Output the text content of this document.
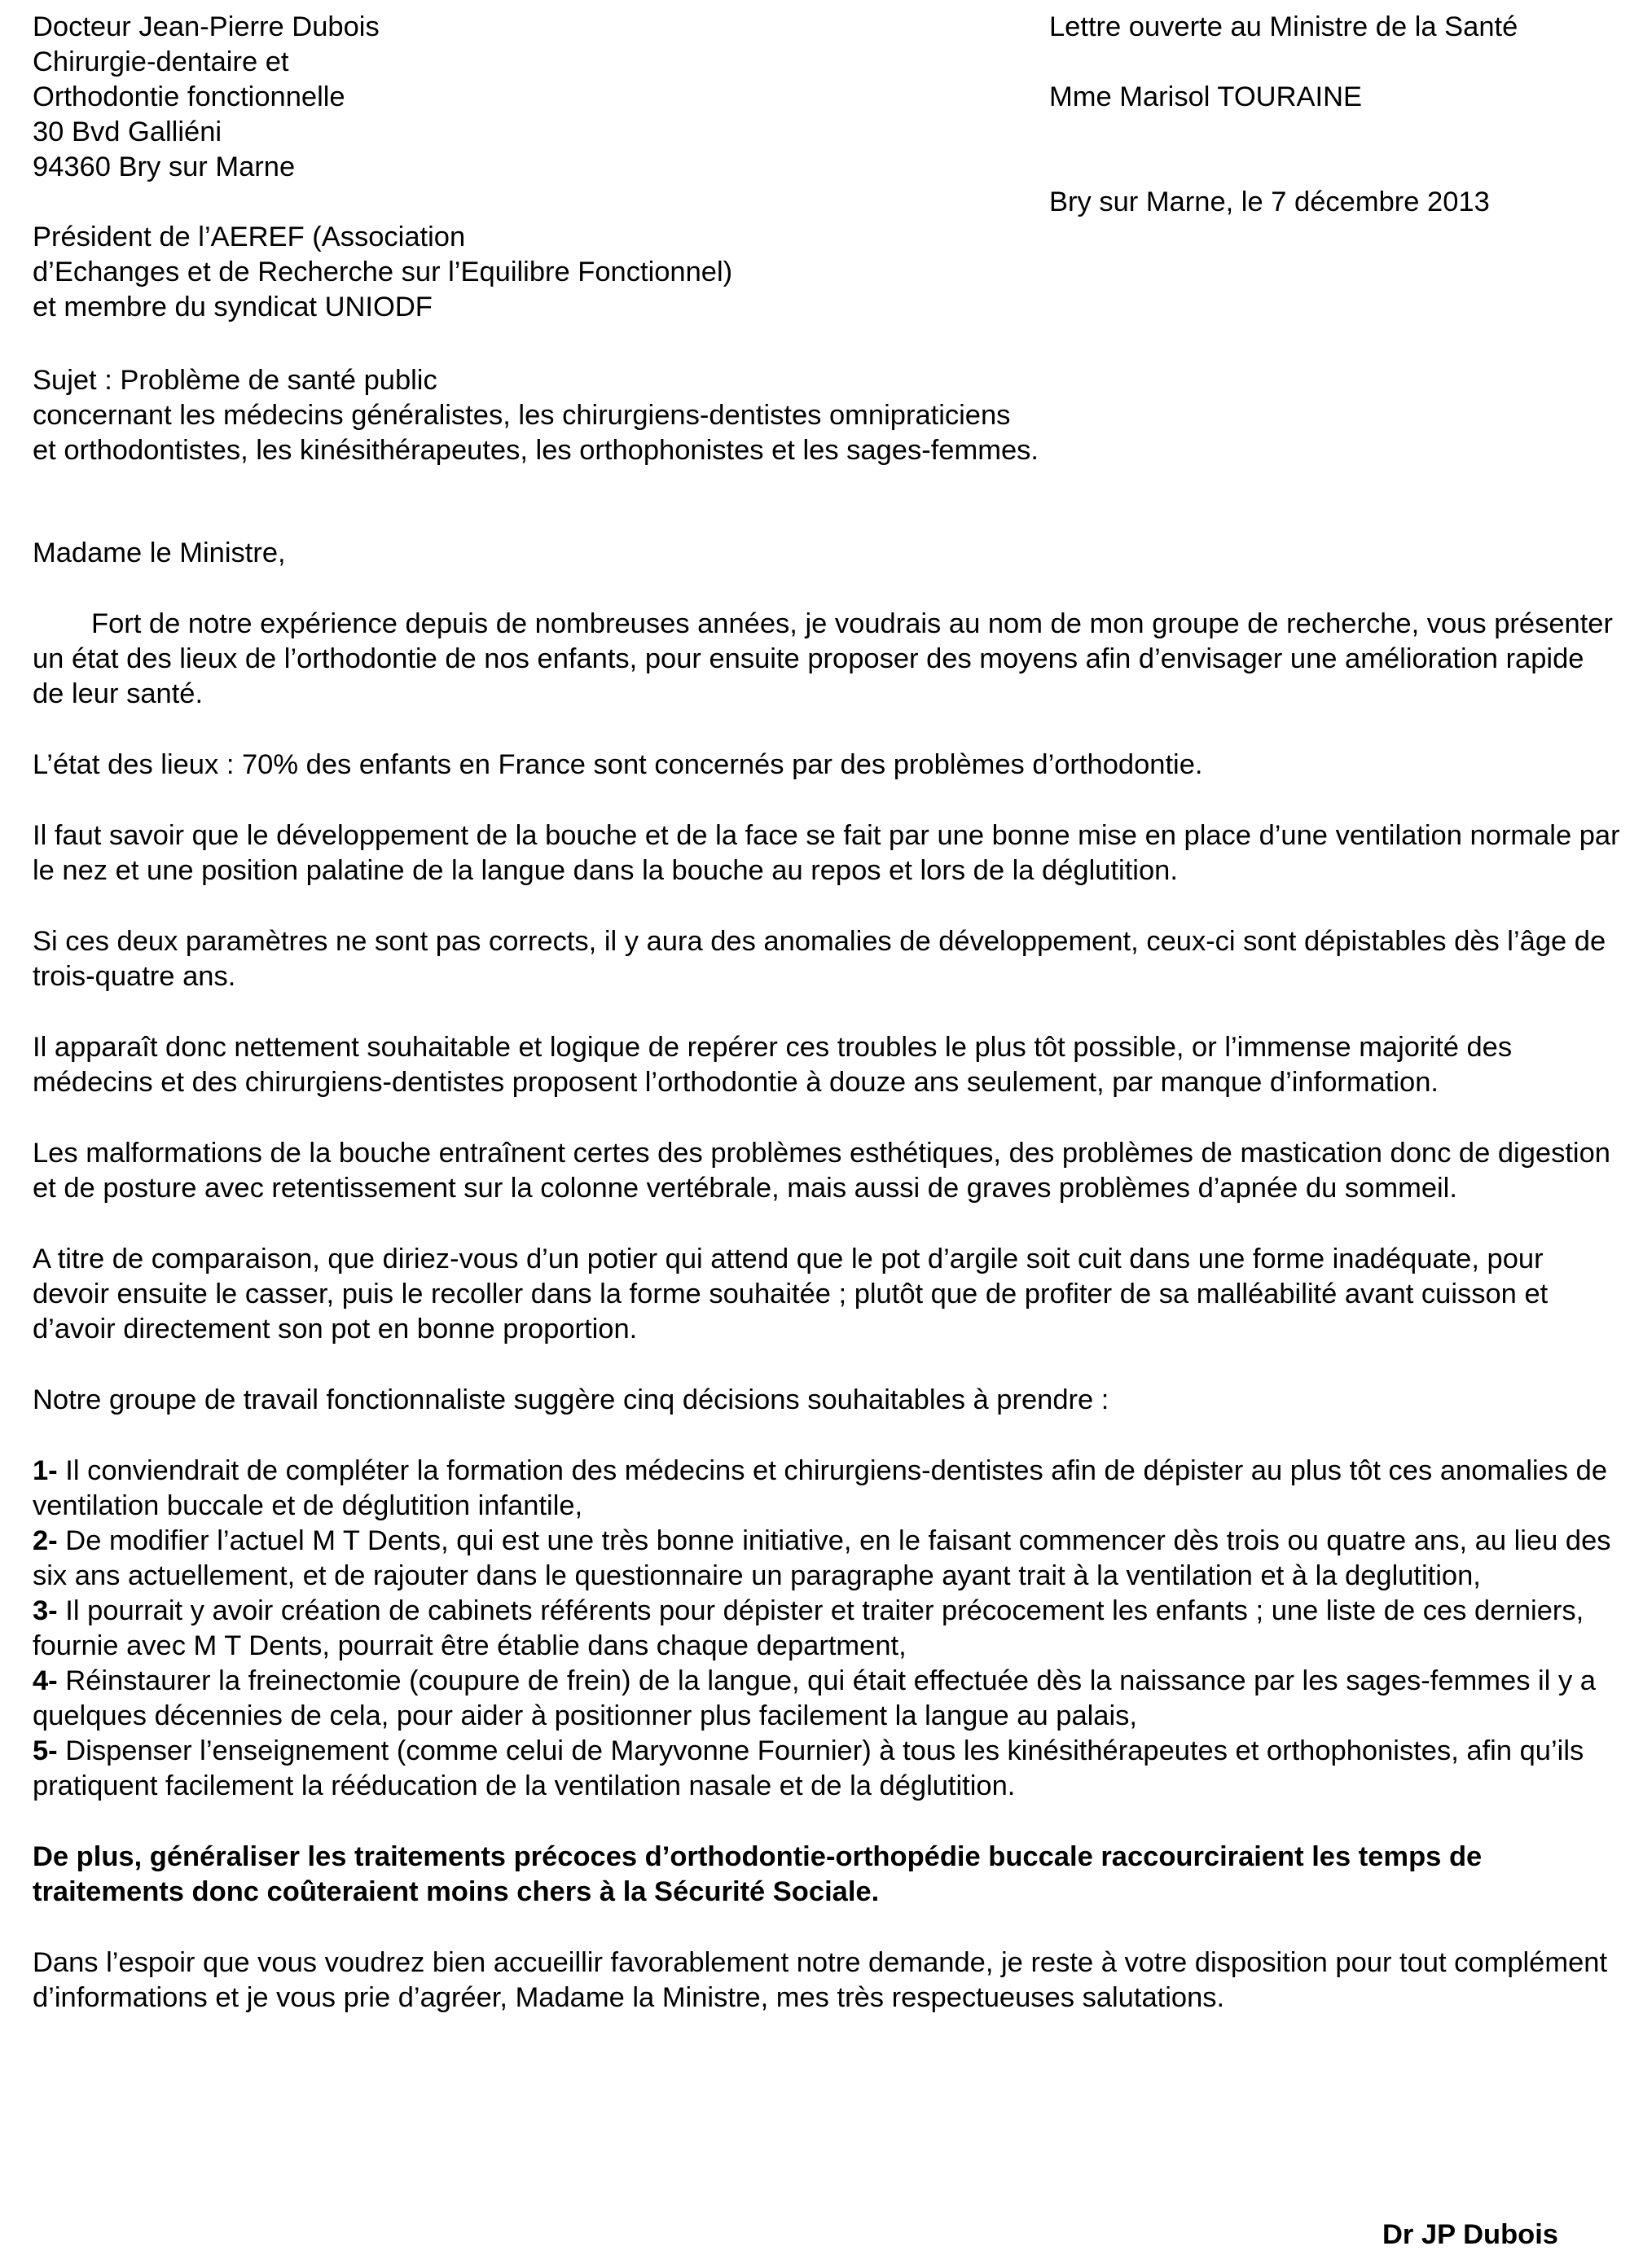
Docteur Jean-Pierre Dubois
Chirurgie-dentaire et
Orthodontie fonctionnelle
30 Bvd Galliéni
94360 Bry sur Marne
Président de l’AEREF (Association
d’Echanges et de Recherche sur l’Equilibre Fonctionnel)
et membre du syndicat UNIODF
Lettre ouverte au Ministre de la Santé
Mme Marisol TOURAINE
Bry sur Marne, le 7 décembre 2013
Sujet : Problème de santé public
concernant les médecins généralistes, les chirurgiens-dentistes omnipraticiens
et orthodontistes, les kinésithérapeutes, les orthophonistes et les sages-femmes.

Madame le Ministre,

Fort de notre expérience depuis de nombreuses années, je voudrais au nom de mon groupe de recherche, vous présenter un état des lieux de l’orthodontie de nos enfants, pour ensuite proposer des moyens afin d’envisager une amélioration rapide de leur santé.

L’état des lieux : 70% des enfants en France sont concernés par des problèmes d’orthodontie.

Il faut savoir que le développement de la bouche et de la face se fait par une bonne mise en place d’une ventilation normale par le nez et une position palatine de la langue dans la bouche au repos et lors de la déglutition.

Si ces deux paramètres ne sont pas corrects, il y aura des anomalies de développement, ceux-ci sont dépistables dès l’âge de trois-quatre ans.

Il apparaît donc nettement souhaitable et logique de repérer ces troubles le plus tôt possible, or l’immense majorité des médecins et des chirurgiens-dentistes proposent l’orthodontie à douze ans seulement, par manque d’information.

Les malformations de la bouche entraînent certes des problèmes esthétiques, des problèmes de mastication donc de digestion et de posture avec retentissement sur la colonne vertébrale, mais aussi de graves problèmes d’apnée du sommeil.

A titre de comparaison, que diriez-vous d’un potier qui attend que le pot d’argile soit cuit dans une forme inadéquate, pour devoir ensuite le casser, puis le recoller dans la forme souhaitée ; plutôt que de profiter de sa malléabilité avant cuisson et d’avoir directement son pot en bonne proportion.

Notre groupe de travail fonctionnaliste suggère cinq décisions souhaitables à prendre :

1- Il conviendrait de compléter la formation des médecins et chirurgiens-dentistes afin de dépister au plus tôt ces anomalies de ventilation buccale et de déglutition infantile,

2- De modifier l’actuel M T Dents, qui est une très bonne initiative, en le faisant commencer dès trois ou quatre ans, au lieu des six ans actuellement, et de rajouter dans le questionnaire un paragraphe ayant trait à la ventilation et à la deglutition,

3- Il pourrait y avoir création de cabinets référents pour dépister et traiter précocement les enfants ; une liste de ces derniers, fournie avec M T Dents, pourrait être établie dans chaque department,

4- Réinstaurer la freinectomie (coupure de frein) de la langue, qui était effectuée dès la naissance par les sages-femmes il y a quelques décennies de cela, pour aider à positionner plus facilement la langue au palais,

5- Dispenser l’enseignement (comme celui de Maryvonne Fournier) à tous les kinésithérapeutes et orthophonistes, afin qu’ils pratiquent facilement la rééducation de la ventilation nasale et de la déglutition.

De plus, généraliser les traitements précoces d’orthodontie-orthopédie buccale raccourciraient les temps de traitements donc coûteraient moins chers à la Sécurité Sociale.

Dans l’espoir que vous voudrez bien accueillir favorablement notre demande, je reste à votre disposition pour tout complément d’informations et je vous prie d’agréer, Madame la Ministre, mes très respectueuses salutations.

Dr JP Dubois
